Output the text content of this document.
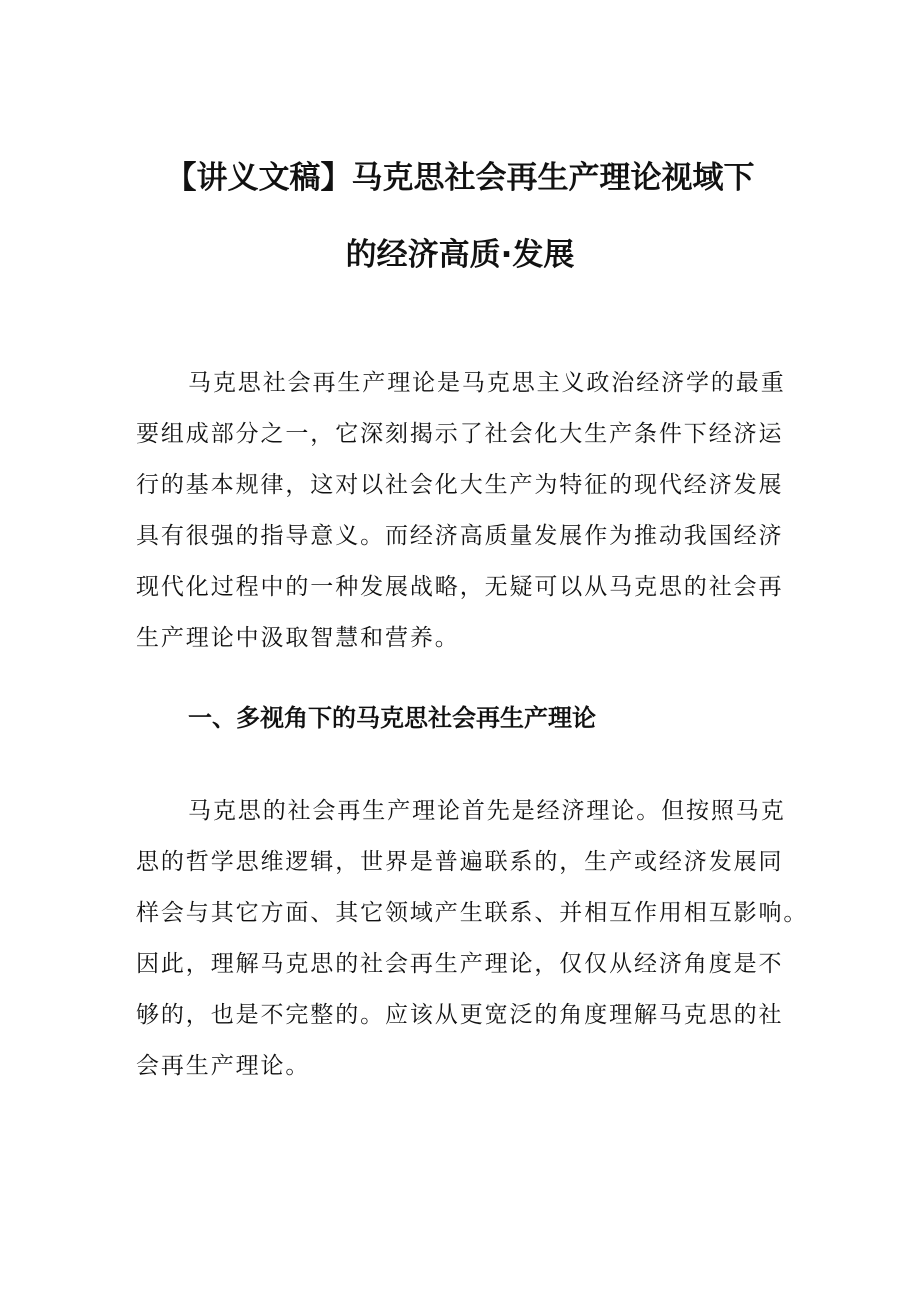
【讲义文稿】马克思社会再生产理论视域下
的经济高质·发展
马克思社会再生产理论是马克思主义政治经济学的最重
要组成部分之一，它深刻揭示了社会化大生产条件下经济运
行的基本规律，这对以社会化大生产为特征的现代经济发展
具有很强的指导意义。而经济高质量发展作为推动我国经济
现代化过程中的一种发展战略，无疑可以从马克思的社会再
生产理论中汲取智慧和营养。
一、多视角下的马克思社会再生产理论
马克思的社会再生产理论首先是经济理论。但按照马克
思的哲学思维逻辑，世界是普遍联系的，生产或经济发展同
样会与其它方面、其它领域产生联系、并相互作用相互影响。
因此，理解马克思的社会再生产理论，仅仅从经济角度是不
够的，也是不完整的。应该从更宽泛的角度理解马克思的社
会再生产理论。
